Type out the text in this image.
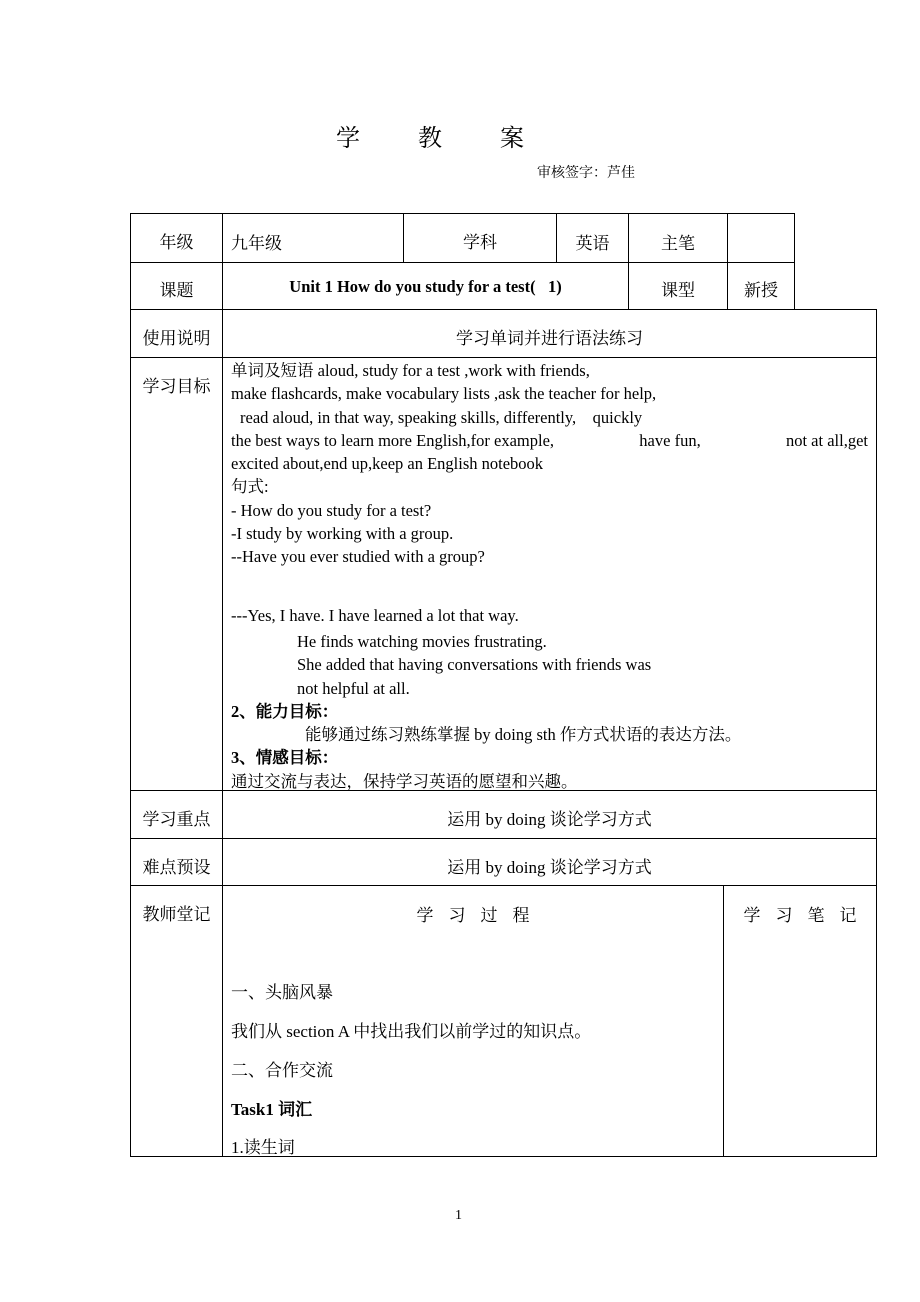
学 教 案
审核签字：芦佳
年级	九年级	学科	英语	主笔
课题	Unit 1 How do you study for a test(   1)	课型	新授
使用说明	学习单词并进行语法练习
学习目标
单词及短语 aloud, study for a test ,work with friends,
make flashcards, make vocabulary lists ,ask the teacher for help,
read aloud, in that way, speaking skills, differently,    quickly
the best ways to learn more English,for example,	have fun,	not at all,get
excited about,end up,keep an English notebook
句式:
- How do you study for a test?
-I study by working with a group.
--Have you ever studied with a group?
---Yes, I have. I have learned a lot that way.
He finds watching movies frustrating.
She added that having conversations with friends was
not helpful at all.
2、能力目标：
能够通过练习熟练掌握 by doing sth 作方式状语的表达方法。
3、情感目标：
通过交流与表达，保持学习英语的愿望和兴趣。
学习重点	运用 by doing 谈论学习方式
难点预设	运用 by doing 谈论学习方式
教师堂记	学习过程	学习笔记
一、头脑风暴
我们从 section A 中找出我们以前学过的知识点。
二、合作交流
Task1 词汇
1.读生词
1
